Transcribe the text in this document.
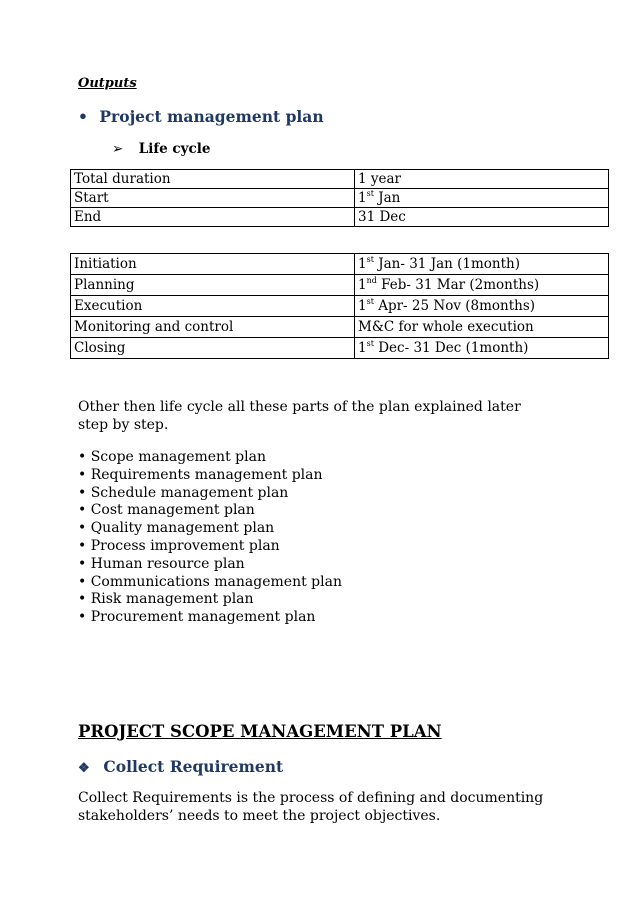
Outputs
• Project management plan
➢ Life cycle
Total duration	1 year
Start	1st Jan
End	31 Dec
Initiation	1st Jan- 31 Jan (1month)
Planning	1nd Feb- 31 Mar (2months)
Execution	1st Apr- 25 Nov (8months)
Monitoring and control	M&C for whole execution
Closing	1st Dec- 31 Dec (1month)
Other then life cycle all these parts of the plan explained later
step by step.
• Scope management plan
• Requirements management plan
• Schedule management plan
• Cost management plan
• Quality management plan
• Process improvement plan
• Human resource plan
• Communications management plan
• Risk management plan
• Procurement management plan
PROJECT SCOPE MANAGEMENT PLAN
❖ Collect Requirement
Collect Requirements is the process of defining and documenting
stakeholders’ needs to meet the project objectives.
